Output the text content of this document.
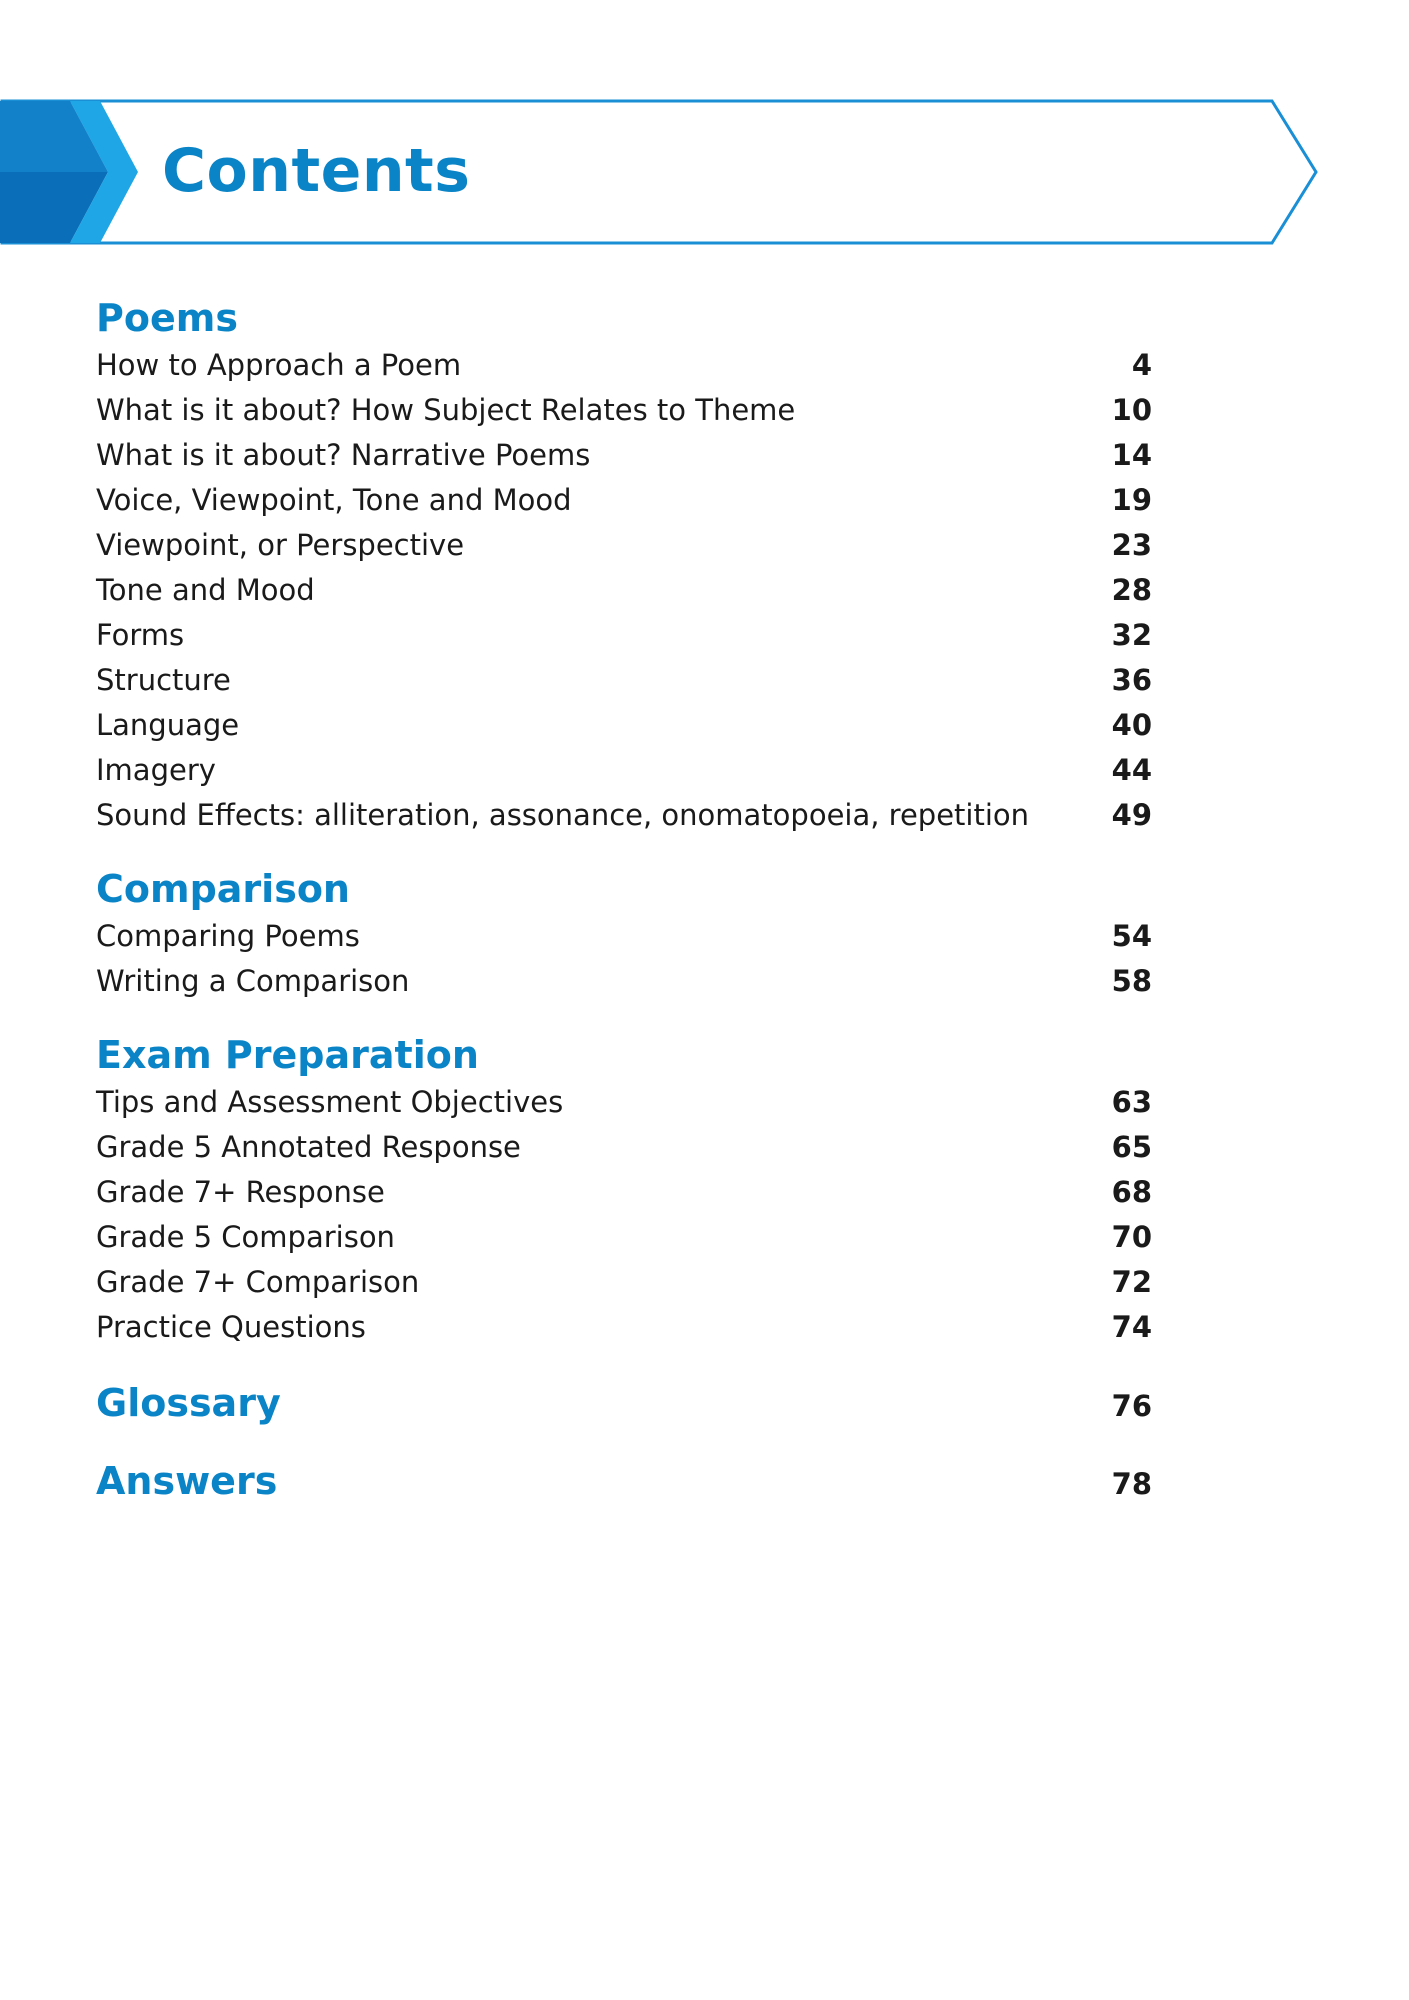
Contents
Poems
How to Approach a Poem	4
What is it about? How Subject Relates to Theme	10
What is it about? Narrative Poems	14
Voice, Viewpoint, Tone and Mood	19
Viewpoint, or Perspective	23
Tone and Mood	28
Forms	32
Structure	36
Language	40
Imagery	44
Sound Effects: alliteration, assonance, onomatopoeia, repetition	49
Comparison
Comparing Poems	54
Writing a Comparison	58
Exam Preparation
Tips and Assessment Objectives	63
Grade 5 Annotated Response	65
Grade 7+ Response	68
Grade 5 Comparison	70
Grade 7+ Comparison	72
Practice Questions	74
Glossary	76
Answers	78
